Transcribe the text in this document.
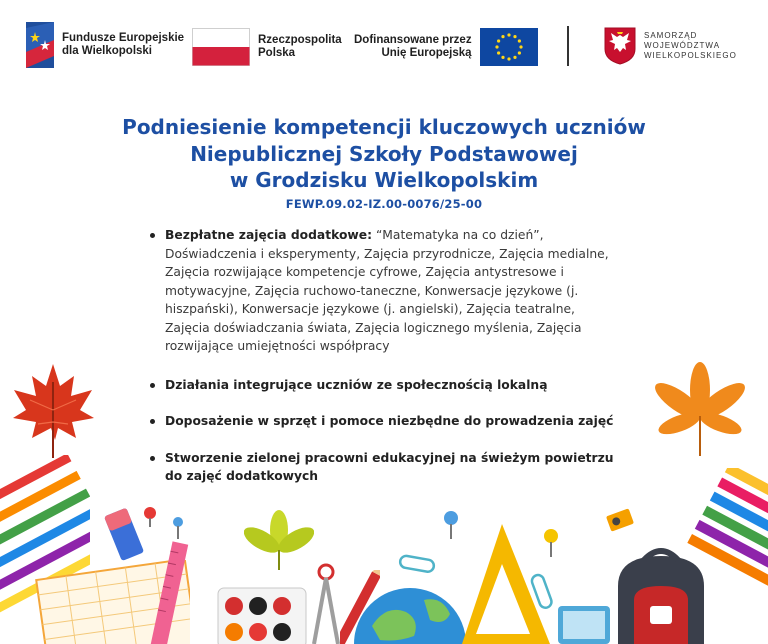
Fundusze Europejskie
dla Wielkopolski
Rzeczpospolita
Polska
Dofinansowane przez
Unię Europejską
SAMORZĄD
WOJEWÓDZTWA
WIELKOPOLSKIEGO
Podniesienie kompetencji kluczowych uczniów
Niepublicznej Szkoły Podstawowej
w Grodzisku Wielkopolskim
FEWP.09.02-IZ.00-0076/25-00
Bezpłatne zajęcia dodatkowe: “Matematyka na co dzień”, Doświadczenia i eksperymenty, Zajęcia przyrodnicze, Zajęcia medialne, Zajęcia rozwijające kompetencje cyfrowe, Zajęcia antystresowe i motywacyjne, Zajęcia ruchowo-taneczne, Konwersacje językowe (j. hiszpański), Konwersacje językowe (j. angielski), Zajęcia teatralne, Zajęcia doświadczania świata, Zajęcia logicznego myślenia, Zajęcia rozwijające umiejętności współpracy
Działania integrujące uczniów ze społecznością lokalną
Doposażenie w sprzęt i pomoce niezbędne do prowadzenia zajęć
Stworzenie zielonej pracowni edukacyjnej na świeżym powietrzu do zajęć dodatkowych
